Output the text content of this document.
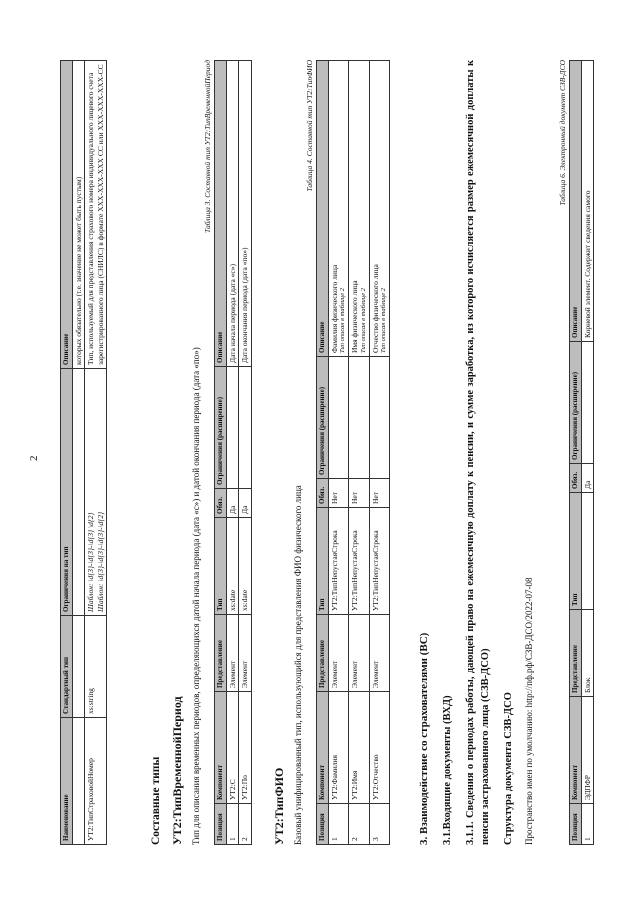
2
Наименование	Стандартный тип	Ограничения на тип	Описание
			которых обязательно (т.е. значение не может быть пустым)
УТ2:ТипСтраховойНомер	xs:string	Шаблон: \d{3}-\d{3}-\d{3} \d{2} Шаблон: \d{3}-\d{3}-\d{3}-\d{2}	Тип, используемый для представления страхового номера индивидуального лицевого счета зарегистрированного лица (СНИЛС) в формате XXX-XXX-XXX CC или XXX-XXX-XXX-CC
Составные типы УТ2:ТипВременнойПериод Тип для описания временных периодов, определяющихся датой начала периода (дата «с») и датой окончания периода (дата «по»)

Таблица 3. Составной тип УТ2:ТипВременнойПериод
Позиция	Компонент	Представление	Тип	Обяз.	Ограничения (расширение)	Описание
1	УТ2:С	Элемент	xs:date	Да		Дата начала периода (дата «с»)
2	УТ2:По	Элемент	xs:date	Да		Дата окончания периода (дата «по»)
УТ2:ТипФИО Базовый унифицированный тип, использующийся для представления ФИО физического лица

Таблица 4. Составной тип УТ2:ТипФИО
Позиция	Компонент	Представление	Тип	Обяз.	Ограничения (расширение)	Описание
1	УТ2:Фамилия	Элемент	УТ2:ТипНепустаяСтрока	Нет		Фамилия физического лица Тип описан в таблице 2

2	УТ2:Имя	Элемент	УТ2:ТипНепустаяСтрока	Нет		Имя физического лица Тип описан в таблице 2

3	УТ2:Отчество	Элемент	УТ2:ТипНепустаяСтрока	Нет		Отчество физического лица Тип описан в таблице 2
3. Взаимодействие со страхователями (ВС) 3.1.Входящие документы (ВХД) 3.1.1. Сведения о периодах работы, дающей право на ежемесячную доплату к пенсии, и сумме заработка, из которого исчисляется размер ежемесячной доплаты к пенсии застрахованного лица (СЗВ-ДСО) Структура документа СЗВ-ДСО Пространство имен по умолчанию: http://пф.рф/СЗВ-ДСО/2022-07-08

Таблица 6. Электронный документ СЗВ-ДСО
Позиция	Компонент	Представление	Тип	Обяз.	Ограничения (расширение)	Описание
1	ЭДПФР	Блок		Да		Корневой элемент. Содержит сведения самого
